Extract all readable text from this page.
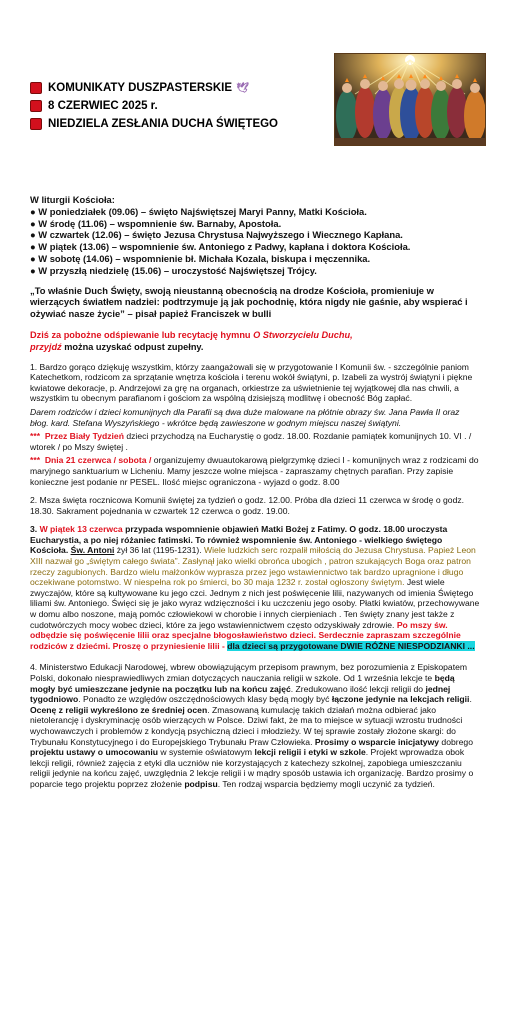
KOMUNIKATY DUSZPASTERSKIE 🕊
8 CZERWIEC 2025 r.
NIEDZIELA ZESŁANIA DUCHA ŚWIĘTEGO
W liturgii Kościoła:
● W poniedziałek (09.06) – święto Najświętszej Maryi Panny, Matki Kościoła.
● W środę (11.06) – wspomnienie św. Barnaby, Apostoła.
● W czwartek (12.06) – święto Jezusa Chrystusa Najwyższego i Wiecznego Kapłana.
● W piątek (13.06) – wspomnienie św. Antoniego z Padwy, kapłana i doktora Kościoła.
● W sobotę (14.06) – wspomnienie bł. Michała Kozala, biskupa i męczennika.
● W przyszłą niedzielę (15.06) – uroczystość Najświętszej Trójcy.
„To właśnie Duch Święty, swoją nieustanną obecnością na drodze Kościoła, promieniuje w wierzących światłem nadziei: podtrzymuje ją jak pochodnię, która nigdy nie gaśnie, aby wspierać i ożywiać nasze życie” – pisał papież Franciszek w bulli
Dziś za pobożne odśpiewanie lub recytację hymnu O Stworzycielu Duchu,
przyjdź można uzyskać odpust zupełny.
1. Bardzo gorąco dziękuję wszystkim, którzy zaangażowali się w przygotowanie I Komunii św. - szczególnie paniom Katechetkom, rodzicom za sprzątanie wnętrza kościoła i terenu wokół świątyni, p. Izabeli za wystrój świątyni i piękne kwiatowe dekoracje, p. Andrzejowi za grę na organach, orkiestrze za uświetnienie tej wyjątkowej dla nas chwili, a wszystkim tu obecnym parafianom i gościom za wspólną dzisiejszą modlitwę i obecność Bóg zapłać.
Darem rodziców i dzieci komunijnych dla Parafii są dwa duże malowane na płótnie obrazy św. Jana Pawła II oraz błog. kard. Stefana Wyszyńskiego - wkrótce będą zawieszone w godnym miejscu naszej świątyni.
*** Przez Biały Tydzień dzieci przychodzą na Eucharystię o godz. 18.00. Rozdanie pamiątek komunijnych 10. VI . / wtorek / po Mszy świętej .
*** Dnia 21 czerwca / sobota / organizujemy dwuautokarową pielgrzymkę dzieci I - komunijnych wraz z rodzicami do maryjnego sanktuarium w Licheniu. Mamy jeszcze wolne miejsca - zapraszamy chętnych parafian. Przy zapisie konieczne jest podanie nr PESEL. Ilość miejsc ograniczona - wyjazd o godz. 8.00
2. Msza święta rocznicowa Komunii świętej za tydzień o godz. 12.00. Próba dla dzieci 11 czerwca w środę o godz. 18.30. Sakrament pojednania w czwartek 12 czerwca o godz. 19.00.
3. W piątek 13 czerwca przypada wspomnienie objawień Matki Bożej z Fatimy. O godz. 18.00 uroczysta Eucharystia, a po niej różaniec fatimski. To również wspomnienie św. Antoniego - wielkiego świętego Kościoła. Św. Antoni żył 36 lat (1195-1231). Wiele ludzkich serc rozpalił miłością do Jezusa Chrystusa. Papież Leon XIII nazwał go „świętym całego świata”. Zasłynął jako wielki obrońca ubogich , patron szukających Boga oraz patron rzeczy zagubionych. Bardzo wielu małżonków wyprasza przez jego wstawiennictwo tak bardzo upragnione i długo oczekiwane potomstwo. W niespełna rok po śmierci, bo 30 maja 1232 r. został ogłoszony świętym. Jest wiele zwyczajów, które są kultywowane ku jego czci. Jednym z nich jest poświęcenie lilii, nazywanych od imienia Świętego liliami św. Antoniego. Święci się je jako wyraz wdzięczności i ku uczczeniu jego osoby. Płatki kwiatów, przechowywane w domu albo noszone, mają pomóc człowiekowi w chorobie i innych cierpieniach . Ten święty znany jest także z cudotwórczych mocy wobec dzieci, które za jego wstawiennictwem często odzyskiwały zdrowie. Po mszy św. odbędzie się poświęcenie lilii oraz specjalne błogosławieństwo dzieci. Serdecznie zapraszam szczególnie rodziców z dziećmi. Proszę o przyniesienie lilii - dla dzieci są przygotowane DWIE RÓŻNE NIESPODZIANKI ...
4. Ministerstwo Edukacji Narodowej, wbrew obowiązującym przepisom prawnym, bez porozumienia z Episkopatem Polski, dokonało niesprawiedliwych zmian dotyczących nauczania religii w szkole. Od 1 września lekcje te będą mogły być umieszczane jedynie na początku lub na końcu zajęć. Zredukowano ilość lekcji religii do jednej tygodniowo. Ponadto ze względów oszczędnościowych klasy będą mogły być łączone jedynie na lekcjach religii. Ocenę z religii wykreślono ze średniej ocen. Zmasowaną kumulację takich działań można odbierać jako nietolerancję i dyskryminację osób wierzących w Polsce. Dziwi fakt, że ma to miejsce w sytuacji wzrostu trudności wychowawczych i problemów z kondycją psychiczną dzieci i młodzieży. W tej sprawie zostały złożone skargi: do Trybunału Konstytucyjnego i do Europejskiego Trybunału Praw Człowieka. Prosimy o wsparcie inicjatywy dobrego projektu ustawy o umocowaniu w systemie oświatowym lekcji religii i etyki w szkole. Projekt wprowadza obok lekcji religii, również zajęcia z etyki dla uczniów nie korzystających z katechezy szkolnej, zapobiega umieszczaniu religii jedynie na końcu zajęć, uwzględnia 2 lekcje religii i w mądry sposób ustawia ich organizację. Bardzo prosimy o poparcie tego projektu poprzez złożenie podpisu. Ten rodzaj wsparcia będziemy mogli uczynić za tydzień.
